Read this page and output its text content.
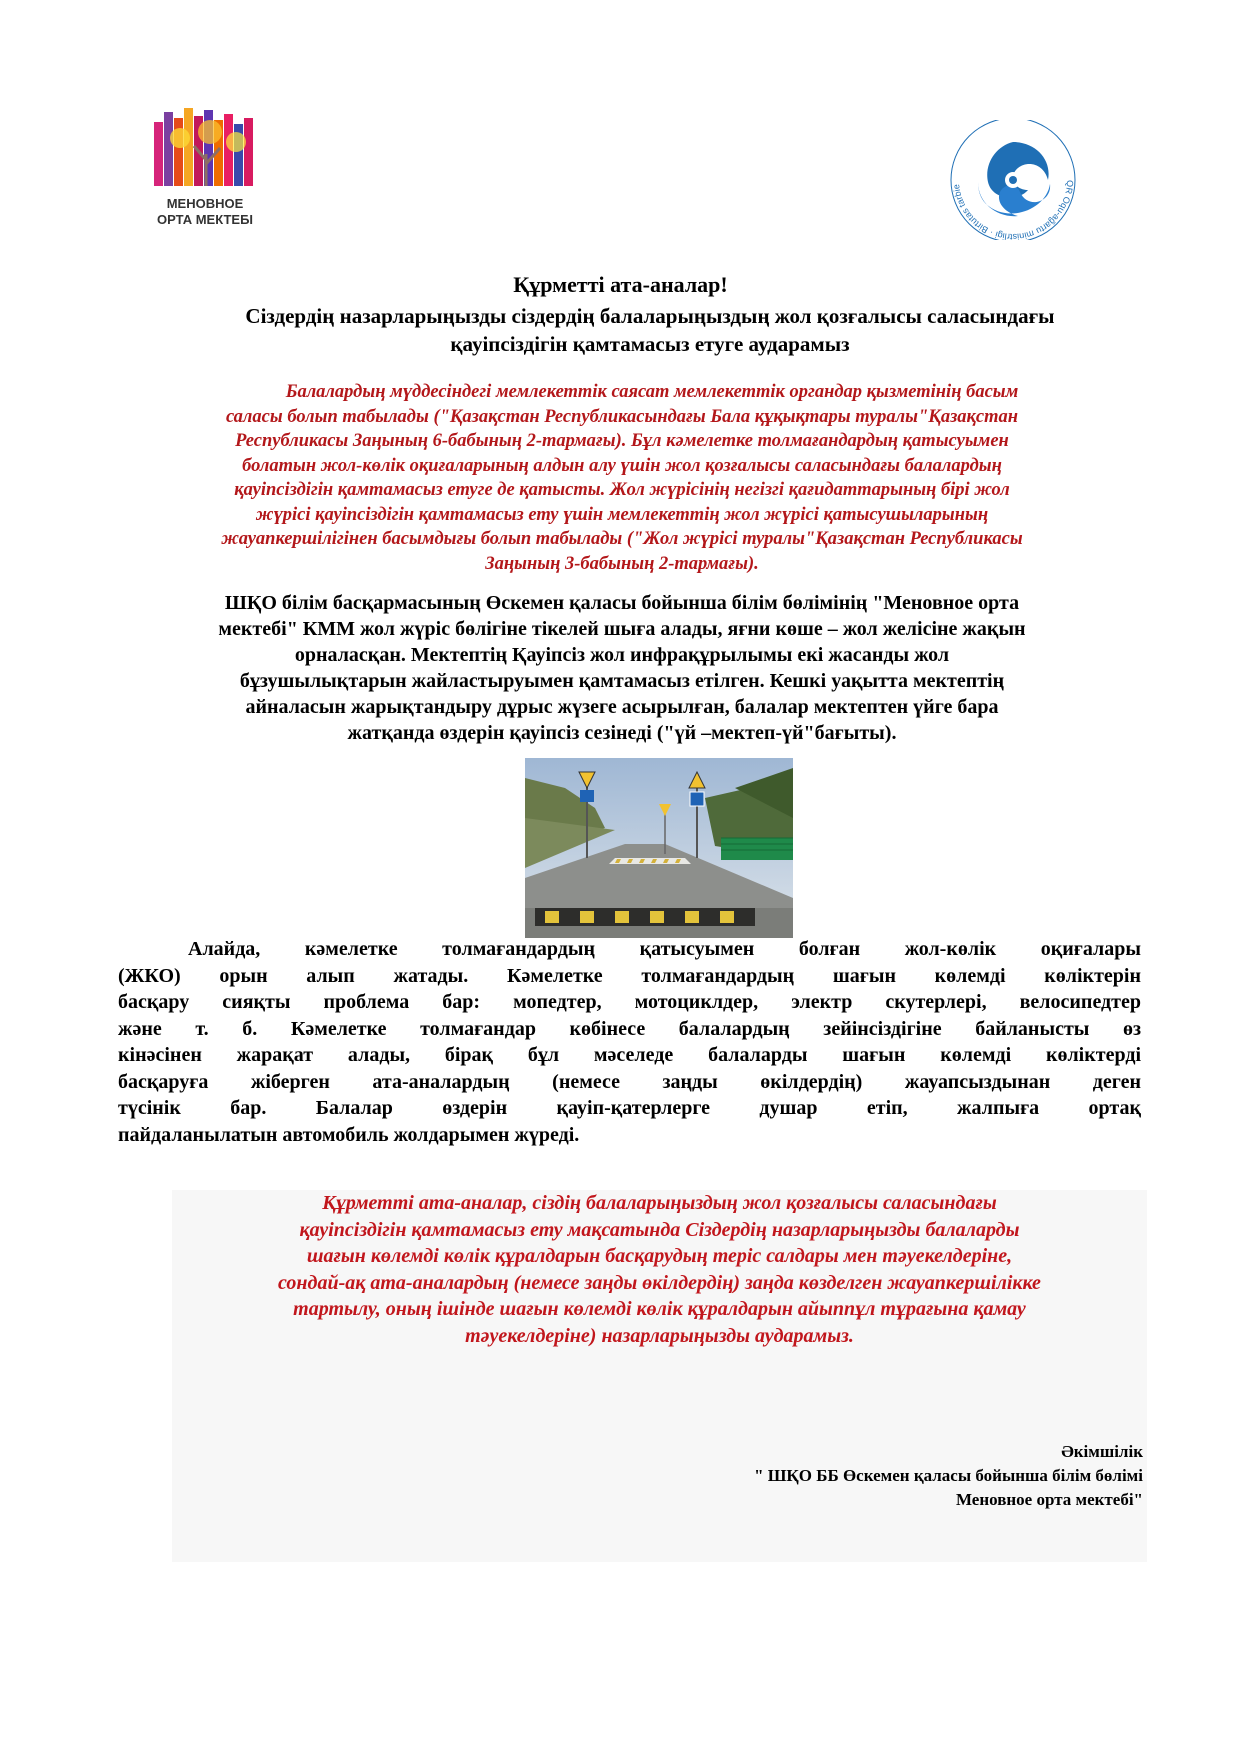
МЕНОВНОЕ
ОРТА МЕКТЕБІ
QR Oqu-ağartu ministrligi · Birtutas tarbie
Құрметті ата-аналар!
Сіздердің назарларыңызды сіздердің балаларыңыздың жол қозғалысы саласындағы
қауіпсіздігін қамтамасыз етуге аударамыз
Балалардың мүддесіндегі мемлекеттік саясат мемлекеттік органдар қызметінің басым
саласы болып табылады ("Қазақстан Республикасындағы Бала құқықтары туралы"Қазақстан
Республикасы Заңының 6-бабының 2-тармағы). Бұл кәмелетке толмағандардың қатысуымен
болатын жол-көлік оқиғаларының алдын алу үшін жол қозғалысы саласындағы балалардың
қауіпсіздігін қамтамасыз етуге де қатысты. Жол жүрісінің негізгі қағидаттарының бірі жол
жүрісі қауіпсіздігін қамтамасыз ету үшін мемлекеттің жол жүрісі қатысушыларының
жауапкершілігінен басымдығы болып табылады ("Жол жүрісі туралы"Қазақстан Республикасы
Заңының 3-бабының 2-тармағы).
ШҚО білім басқармасының Өскемен қаласы бойынша білім бөлімінің "Меновное орта
мектебі" КММ жол жүріс бөлігіне тікелей шыға алады, яғни көше – жол желісіне жақын
орналасқан. Мектептің Қауіпсіз жол инфрақұрылымы екі жасанды жол
бұзушылықтарын жайластыруымен қамтамасыз етілген. Кешкі уақытта мектептің
айналасын жарықтандыру дұрыс жүзеге асырылған, балалар мектептен үйге бара
жатқанда өздерін қауіпсіз сезінеді ("үй –мектеп-үй"бағыты).
Алайда, кәмелетке толмағандардың қатысуымен болған жол-көлік оқиғалары
(ЖКО) орын алып жатады. Кәмелетке толмағандардың шағын көлемді көліктерін
басқару сияқты проблема бар: мопедтер, мотоциклдер, электр скутерлері, велосипедтер
және т. б. Кәмелетке толмағандар көбінесе балалардың зейінсіздігіне байланысты өз
кінәсінен жарақат алады, бірақ бұл мәселеде балаларды шағын көлемді көліктерді
басқаруға жіберген ата-аналардың (немесе заңды өкілдердің) жауапсыздынан деген
түсінік бар. Балалар өздерін қауіп-қатерлерге душар етіп, жалпыға ортақ
пайдаланылатын автомобиль жолдарымен жүреді.
Құрметті ата-аналар, сіздің балаларыңыздың жол қозғалысы саласындағы
қауіпсіздігін қамтамасыз ету мақсатында Сіздердің назарларыңызды балаларды
шағын көлемді көлік құралдарын басқарудың теріс салдары мен тәуекелдеріне,
сондай-ақ ата-аналардың (немесе заңды өкілдердің) заңда көзделген жауапкершілікке
тартылу, оның ішінде шағын көлемді көлік құралдарын айыппұл тұрағына қамау
тәуекелдеріне) назарларыңызды аударамыз.
Әкімшілік
" ШҚО ББ Өскемен қаласы бойынша білім бөлімі
Меновное орта мектебі"
